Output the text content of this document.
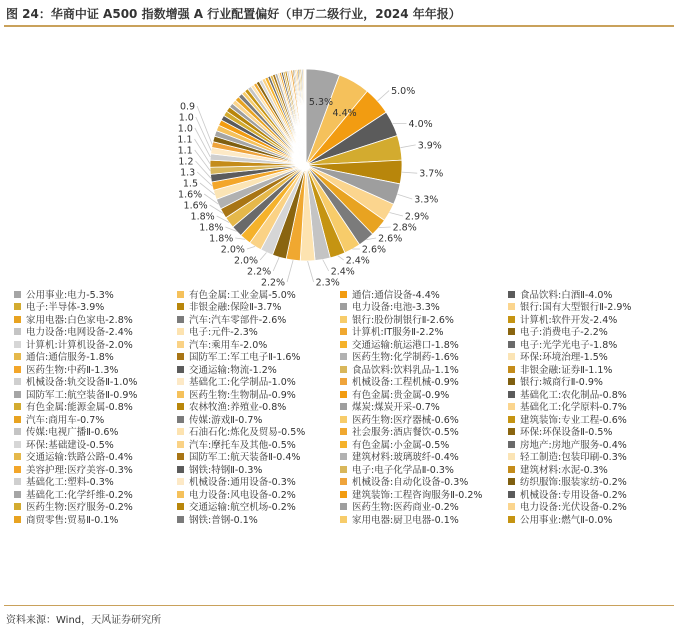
图 24：华商中证 A500 指数增强 A 行业配置偏好（申万二级行业，2024 年年报）
5.0%
5.3%
4.4%
4.0%
3.9%
3.7%
3.3%
2.9%
2.8%
2.6%
2.6%
2.4%
2.4%
2.3%
0.9
1.0
1.0
1.1
1.1
1.2
1.3
1.5
1.6%
1.6%
1.8%
1.8%
1.8%
2.0%
2.0%
2.2%
2.2%
公用事业:电力-5.3%	有色金属:工业金属-5.0%	通信:通信设备-4.4%	食品饮料:白酒Ⅱ-4.0%
电子:半导体-3.9%	非银金融:保险Ⅱ-3.7%	电力设备:电池-3.3%	银行:国有大型银行Ⅱ-2.9%
家用电器:白色家电-2.8%	汽车:汽车零部件-2.6%	银行:股份制银行Ⅱ-2.6%	计算机:软件开发-2.4%
电力设备:电网设备-2.4%	电子:元件-2.3%	计算机:IT服务Ⅱ-2.2%	电子:消费电子-2.2%
计算机:计算机设备-2.0%	汽车:乘用车-2.0%	交通运输:航运港口-1.8%	电子:光学光电子-1.8%
通信:通信服务-1.8%	国防军工:军工电子Ⅱ-1.6%	医药生物:化学制药-1.6%	环保:环境治理-1.5%
医药生物:中药Ⅱ-1.3%	交通运输:物流-1.2%	食品饮料:饮料乳品-1.1%	非银金融:证券Ⅱ-1.1%
机械设备:轨交设备Ⅱ-1.0%	基础化工:化学制品-1.0%	机械设备:工程机械-0.9%	银行:城商行Ⅱ-0.9%
国防军工:航空装备Ⅱ-0.9%	医药生物:生物制品-0.9%	有色金属:贵金属-0.9%	基础化工:农化制品-0.8%
有色金属:能源金属-0.8%	农林牧渔:养殖业-0.8%	煤炭:煤炭开采-0.7%	基础化工:化学原料-0.7%
汽车:商用车-0.7%	传媒:游戏Ⅱ-0.7%	医药生物:医疗器械-0.6%	建筑装饰:专业工程-0.6%
传媒:电视广播Ⅱ-0.6%	石油石化:炼化及贸易-0.5%	社会服务:酒店餐饮-0.5%	环保:环保设备Ⅱ-0.5%
环保:基础建设-0.5%	汽车:摩托车及其他-0.5%	有色金属:小金属-0.5%	房地产:房地产服务-0.4%
交通运输:铁路公路-0.4%	国防军工:航天装备Ⅱ-0.4%	建筑材料:玻璃玻纤-0.4%	轻工制造:包装印刷-0.3%
美容护理:医疗美容-0.3%	钢铁:特钢Ⅱ-0.3%	电子:电子化学品Ⅱ-0.3%	建筑材料:水泥-0.3%
基础化工:塑料-0.3%	机械设备:通用设备-0.3%	机械设备:自动化设备-0.3%	纺织服饰:服装家纺-0.2%
基础化工:化学纤维-0.2%	电力设备:风电设备-0.2%	建筑装饰:工程咨询服务Ⅱ-0.2%	机械设备:专用设备-0.2%
医药生物:医疗服务-0.2%	交通运输:航空机场-0.2%	医药生物:医药商业-0.2%	电力设备:光伏设备-0.2%
商贸零售:贸易Ⅱ-0.1%	钢铁:普钢-0.1%	家用电器:厨卫电器-0.1%	公用事业:燃气Ⅱ-0.0%
资料来源：Wind，天风证券研究所
